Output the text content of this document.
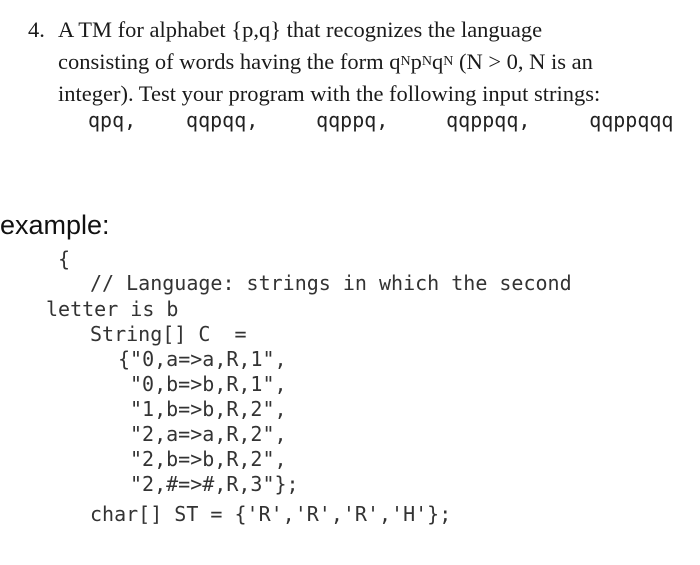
4. A TM for alphabet {p,q} that recognizes the language
consisting of words having the form $q^Np^Nq^N$ (N > 0, N is an
integer). Test your program with the following input strings:
qpq, qqpqq,	qqppq,	qqppqq,	qqppqqq
example:
{
// Language: strings in which the second
letter is b
String[] C  =
{"0,a=>a,R,1",
"0,b=>b,R,1",
"1,b=>b,R,2",
"2,a=>a,R,2",
"2,b=>b,R,2",
"2,#=>#,R,3"};
char[] ST = {'R','R','R','H'};
